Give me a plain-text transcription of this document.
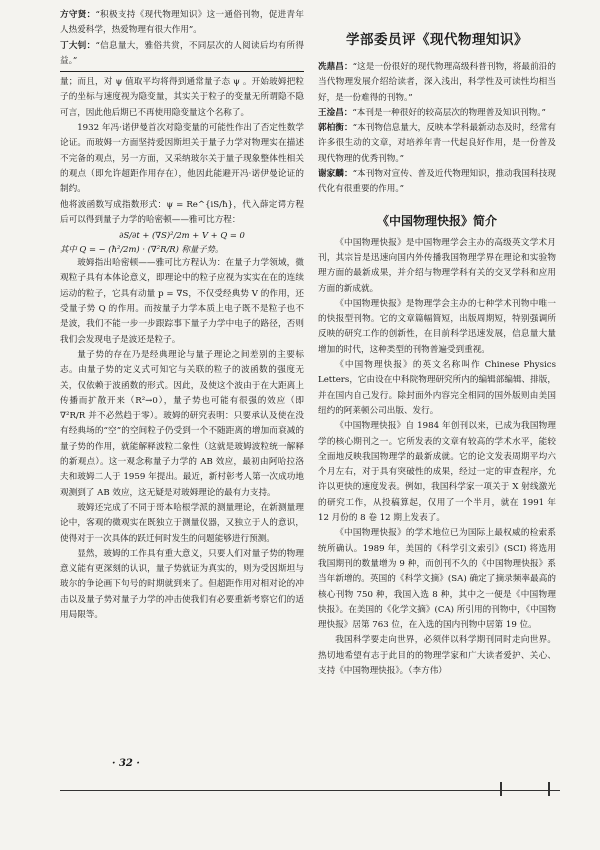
方守贤：“积极支持《现代物理知识》这一通俗刊物，促进青年人热爱科学，热爱物理有很大作用”。

丁大钊：“信息量大，雅俗共赏，不同层次的人阅读后均有所得益。”

量；而且，对 ψ 值取平均将得到通常量子态 ψ 。开始玻姆把粒子的坐标与速度视为隐变量，其实关于粒子的变量无所谓隐不隐可言，因此他后期已不再使用隐变量这个名称了。

1932 年冯·诺伊曼首次对隐变量的可能性作出了否定性数学论证。而玻姆一方面坚持爱因斯坦关于量子力学对物理实在描述不完备的观点，另一方面，又采纳玻尔关于量子现象整体性相关的观点（即允许超距作用存在），他因此能避开冯·诺伊曼论证的制约。

他将波函数写成指数形式：ψ = Re^{iS/ħ}，代入薛定谔方程后可以得到量子力学的哈密顿——雅可比方程：

∂S/∂t + (∇S)²/2m + V + Q = 0
其中 Q = − (ħ²/2m) · (∇²R/R) 称量子势。

玻姆指出哈密顿——雅可比方程认为：在量子力学领域，微观粒子具有本体论意义，即理论中的粒子应视为实实在在的连续运动的粒子，它具有动量 p = ∇S，不仅受经典势 V 的作用，还受量子势 Q 的作用。而按量子力学本质上电子既不是粒子也不是波，我们不能一步一步跟踪事下量子力学中电子的路径，否则我们会发现电子是波还是粒子。

量子势的存在乃是经典理论与量子理论之间差别的主要标志。由量子势的定义式可知它与关联的粒子的波函数的强度无关，仅依赖于波函数的形式。因此，及使这个波由于在大距离上传播而扩散开来（R²→0），量子势也可能有很强的效应（即 ∇²R/R 并不必然趋于零）。玻姆的研究表明：只要承认及使在没有经典场的“空”的空间粒子仍受到一个不随距离的增加而衰减的量子势的作用，就能解释波粒二象性（这就是玻姆波粒统一解释的新观点）。这一观念称量子力学的 AB 效应，最初由阿哈拉洛夫和玻姆二人于 1959 年提出。最近，新村彰考人第一次成功地观测到了 AB 效应，这无疑是对玻姆理论的最有力支持。

玻姆还完成了不同于哥本哈根学派的测量理论，在新测量理论中，客观的微观实在既独立于测量仪器，又独立于人的意识，使得对于一次具体的跃迁何时发生的问题能够进行预测。

显然，玻姆的工作具有重大意义，只要人们对量子势的物理意义能有更深刻的认识，量子势就证为真实的，则为受因斯坦与玻尔的争论画下句号的时期就到来了。但超距作用对相对论的冲击以及量子势对量子力学的冲击使我们有必要重新考察它们的适用局限等。

学部委员评《现代物理知识》

冼鼎昌：“这是一份很好的现代物理高级科普刊物，将最前沿的当代物理发展介绍给读者，深入浅出，科学性及可读性均相当好，是一份难得的刊物。”

王淦昌：“本刊是一种很好的较高层次的物理普及知识刊物。”

郭柏衡：“本刊物信息量大，反映本学科最新动态及时，经常有许多很生动的文章，对培养年青一代起良好作用，是一份普及现代物理的优秀刊物。”

谢家麟：“本刊物对宣传、普及近代物理知识，推动我国科技现代化有很重要的作用。”

《中国物理快报》简介

《中国物理快报》是中国物理学会主办的高级英文学术月刊，其宗旨是迅速向国内外传播我国物理学界在理论和实验物理方面的最新成果，并介绍与物理学科有关的交叉学科和应用方面的新成就。

《中国物理快报》是物理学会主办的七种学术刊物中唯一的快报型刊物。它的文章篇幅简短，出版周期短，特别强调所反映的研究工作的创新性，在目前科学迅速发展，信息量大量增加的时代，这种类型的刊物普遍受到重视。

《中国物理快报》的英文名称叫作 Chinese Physics Letters，它由设在中科院物理研究所内的编辑部编辑、排版，并在国内自己发行。除封面外内容完全相同的国外版则由美国纽约的阿莱顿公司出版、发行。

《中国物理快报》自 1984 年创刊以来，已成为我国物理学的核心期刊之一。它所发表的文章有较高的学术水平，能较全面地反映我国物理学的最新成就。它的论文发表周期平均六个月左右，对于具有突破性的成果，经过一定的审查程序，允许以更快的速度发表。例如，我国科学家一项关于 X 射线激光的研究工作，从投稿算起，仅用了一个半月，就在 1991 年 12 月份的 8 卷 12 期上发表了。

《中国物理快报》的学术地位已为国际上最权威的检索系统所确认。1989 年，美国的《科学引文索引》(SCI) 将选用我国期刊的数量增为 9 种，而创刊不久的《中国物理快报》系当年新增的。英国的《科学文摘》(SA) 确定了摘录频率最高的核心刊物 750 种，我国入选 8 种，其中之一便是《中国物理快报》。在美国的《化学文摘》(CA) 所引用的刊物中，《中国物理快报》居第 763 位，在入选的国内刊物中居第 19 位。

我国科学要走向世界，必须伴以科学期刊同时走向世界。热切地希望有志于此目的的物理学家和广大读者爱护、关心、支持《中国物理快报》。（李方伟）

· 32 ·
